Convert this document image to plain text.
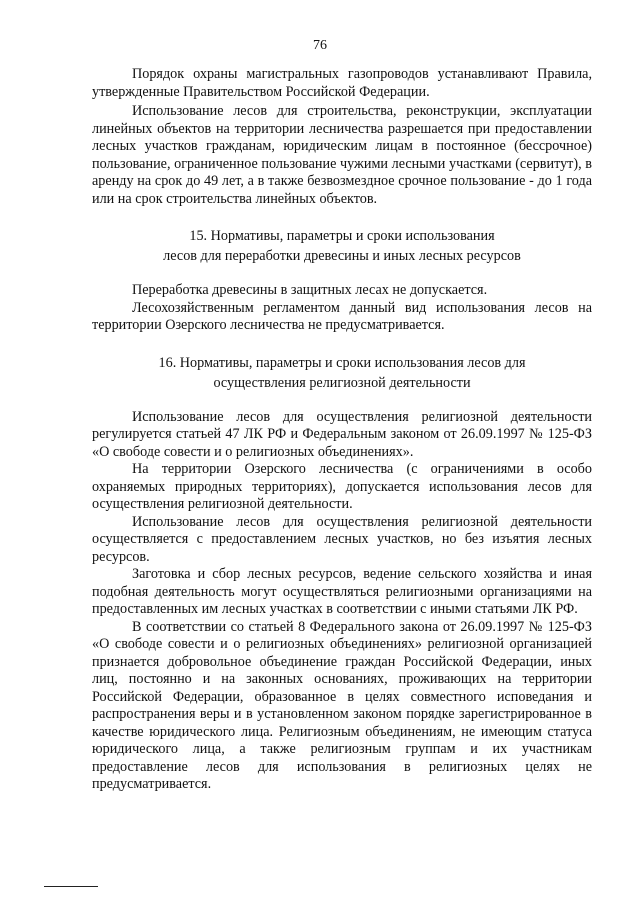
76

Порядок охраны магистральных газопроводов устанавливают Правила, утвержденные Правительством Российской Федерации.

Использование лесов для строительства, реконструкции, эксплуатации линейных объектов на территории лесничества разрешается при предоставлении лесных участков гражданам, юридическим лицам в постоянное (бессрочное) пользование, ограниченное пользование чужими лесными участками (сервитут), в аренду на срок до 49 лет, а в также безвозмездное срочное пользование - до 1 года или на срок строительства линейных объектов.

15. Нормативы, параметры и сроки использования

лесов для переработки древесины и иных лесных ресурсов

Переработка древесины в защитных лесах не допускается.

Лесохозяйственным регламентом данный вид использования лесов на территории Озерского лесничества не предусматривается.

16. Нормативы, параметры и сроки использования лесов для

осуществления религиозной деятельности

Использование лесов для осуществления религиозной деятельности регулируется статьей 47 ЛК РФ и Федеральным законом от 26.09.1997 № 125-ФЗ «О свободе совести и о религиозных объединениях».

На территории Озерского лесничества (с ограничениями в особо охраняемых природных территориях), допускается использования лесов для осуществления религиозной деятельности.

Использование лесов для осуществления религиозной деятельности осуществляется с предоставлением лесных участков, но без изъятия лесных ресурсов.

Заготовка и сбор лесных ресурсов, ведение сельского хозяйства и иная подобная деятельность могут осуществляться религиозными организациями на предоставленных им лесных участках в соответствии с иными статьями ЛК РФ.

В соответствии со статьей 8 Федерального закона от 26.09.1997 № 125-ФЗ «О свободе совести и о религиозных объединениях» религиозной организацией признается добровольное объединение граждан Российской Федерации, иных лиц, постоянно и на законных основаниях, проживающих на территории Российской Федерации, образованное в целях совместного исповедания и распространения веры и в установленном законом порядке зарегистрированное в качестве юридического лица. Религиозным объединениям, не имеющим статуса юридического лица, а также религиозным группам и их участникам предоставление лесов для использования в религиозных целях не предусматривается.
